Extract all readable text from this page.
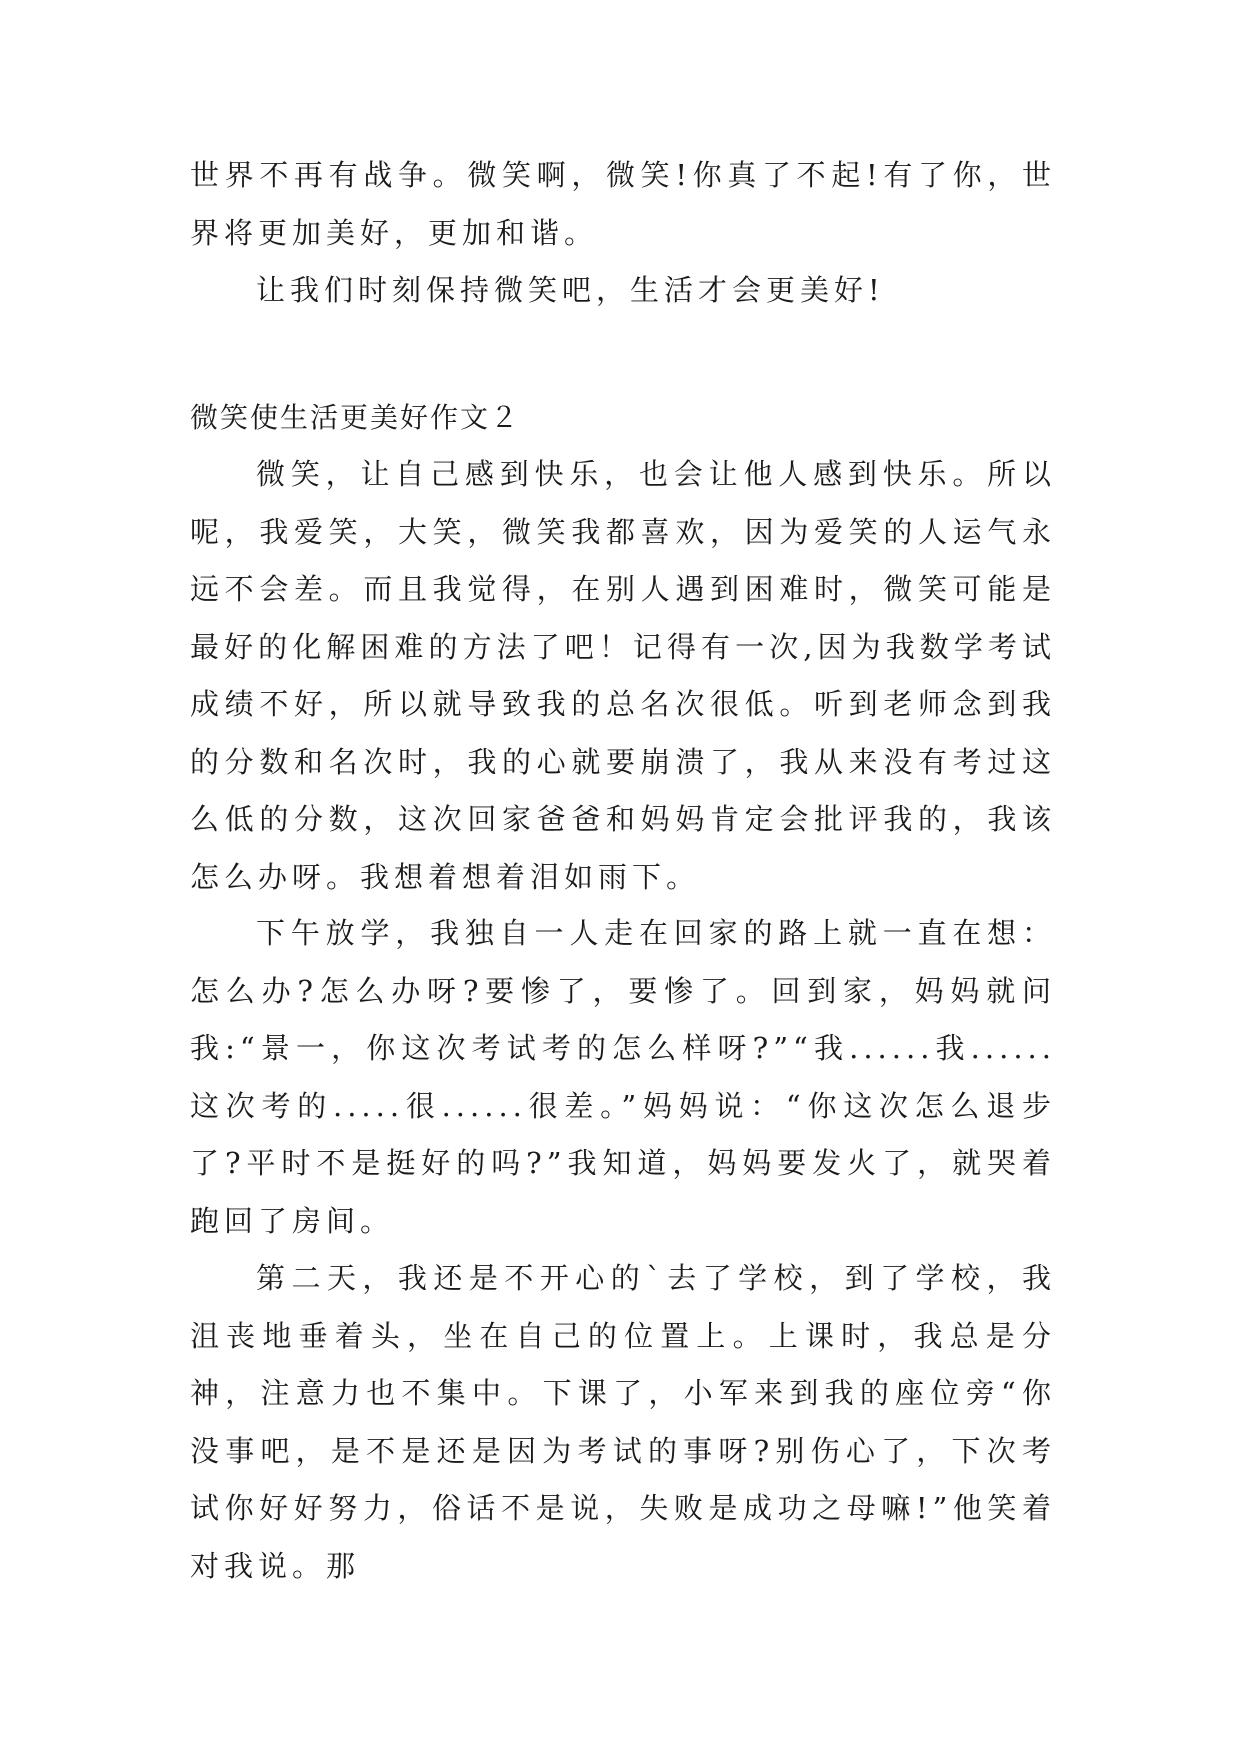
世界不再有战争。微笑啊，微笑!你真了不起!有了你，世界将更加美好，更加和谐。

让我们时刻保持微笑吧，生活才会更美好!

微笑使生活更美好作文２

微笑，让自己感到快乐，也会让他人感到快乐。所以呢，我爱笑，大笑，微笑我都喜欢，因为爱笑的人运气永远不会差。而且我觉得，在别人遇到困难时，微笑可能是最好的化解困难的方法了吧！记得有一次,因为我数学考试成绩不好，所以就导致我的总名次很低。听到老师念到我的分数和名次时，我的心就要崩溃了，我从来没有考过这么低的分数，这次回家爸爸和妈妈肯定会批评我的，我该怎么办呀。我想着想着泪如雨下。

下午放学，我独自一人走在回家的路上就一直在想：怎么办?怎么办呀?要惨了，要惨了。回到家，妈妈就问我:“景一，你这次考试考的怎么样呀?”“我......我......这次考的.....很......很差。”妈妈说：“你这次怎么退步了?平时不是挺好的吗?”我知道，妈妈要发火了，就哭着跑回了房间。

第二天，我还是不开心的`去了学校，到了学校，我沮丧地垂着头，坐在自己的位置上。上课时，我总是分神，注意力也不集中。下课了，小军来到我的座位旁“你没事吧，是不是还是因为考试的事呀?别伤心了，下次考试你好好努力，俗话不是说，失败是成功之母嘛!”他笑着对我说。那
